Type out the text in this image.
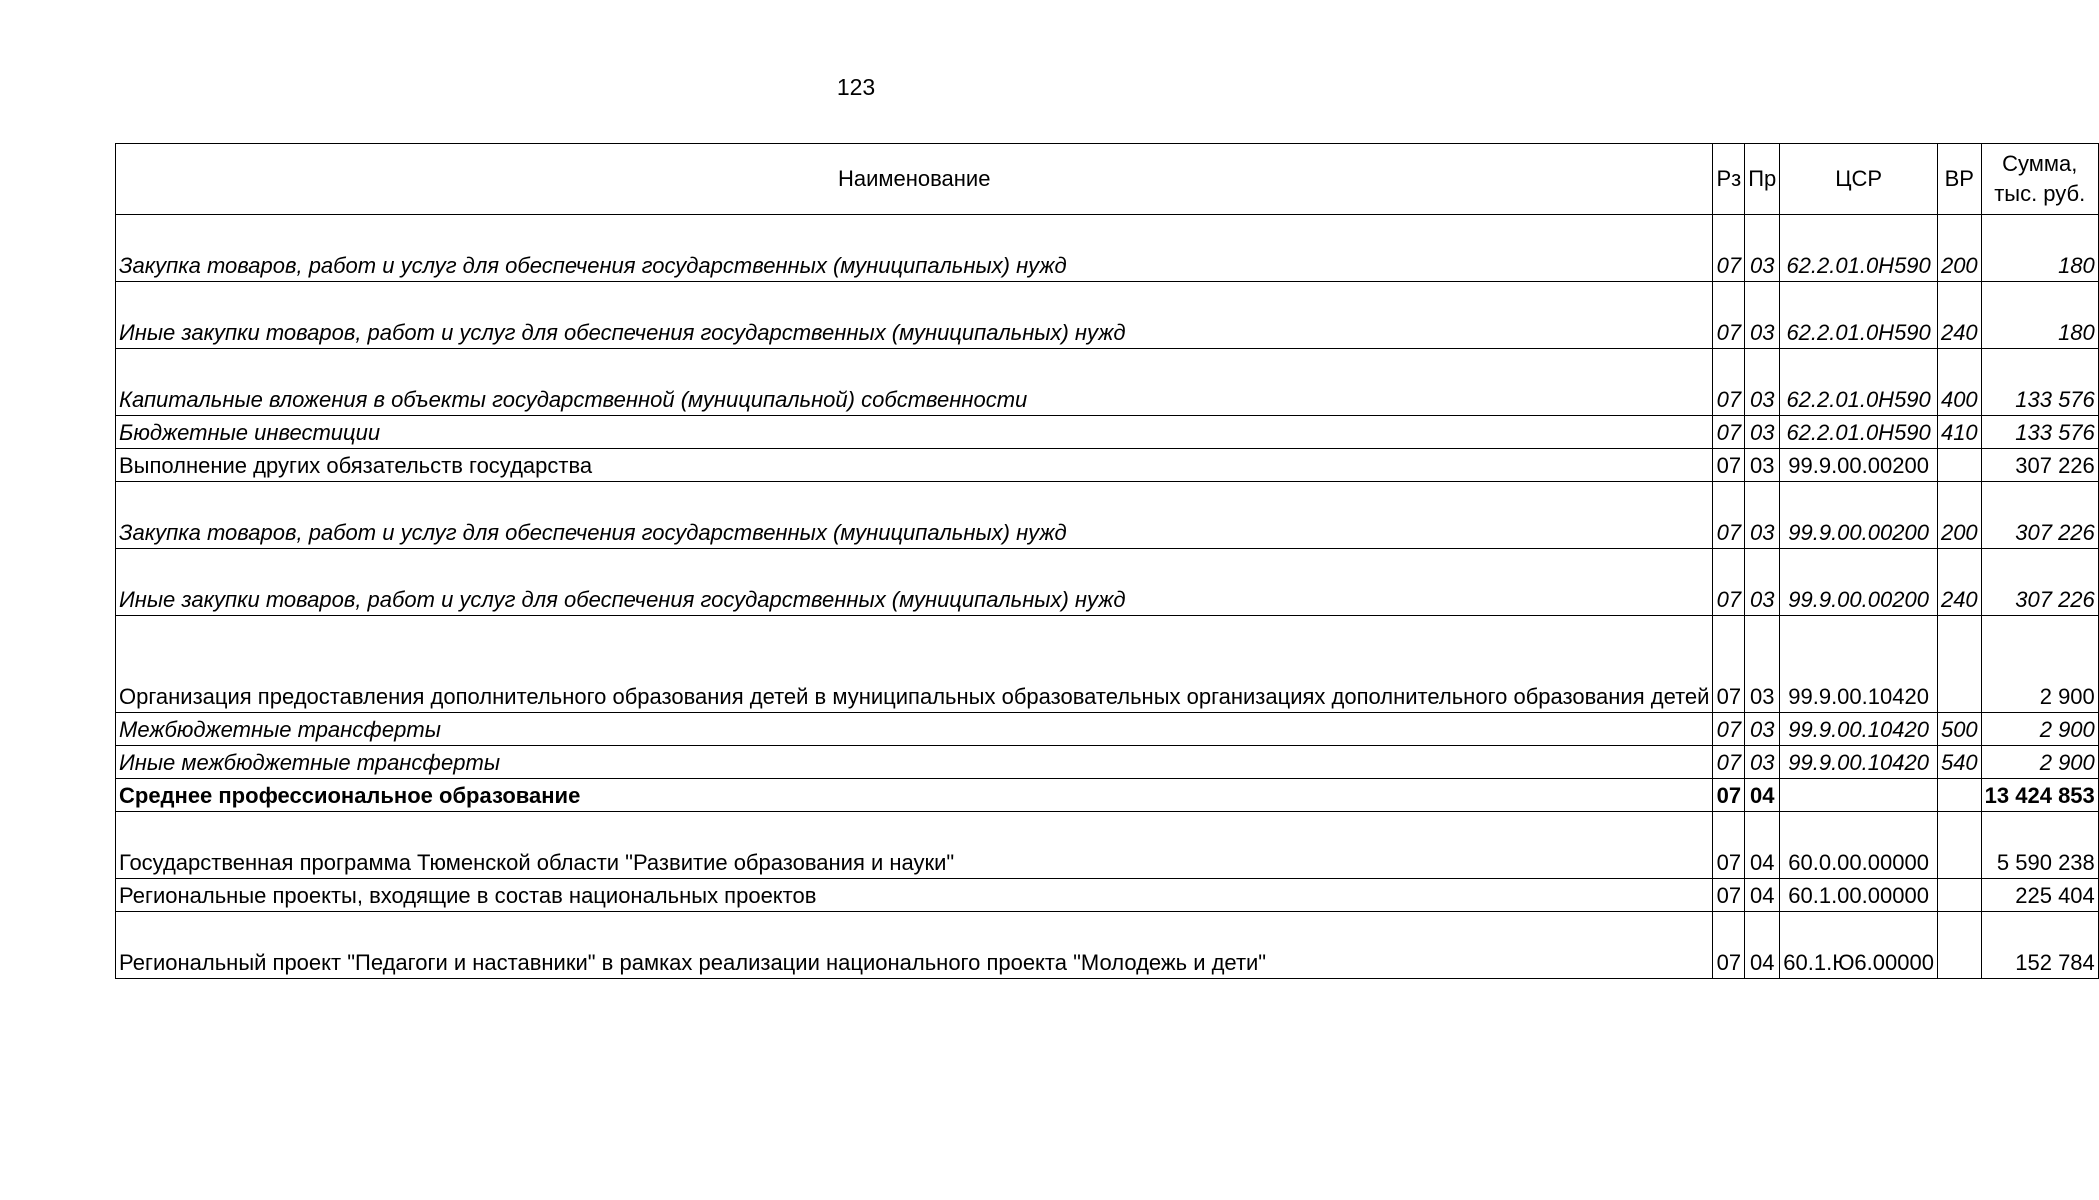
123
Наименование	Рз	Пр	ЦСР	ВР	Сумма, тыс. руб.
Закупка товаров, работ и услуг для обеспечения государственных (муниципальных) нужд	07	03	62.2.01.0Н590	200	180
Иные закупки товаров, работ и услуг для обеспечения государственных (муниципальных) нужд	07	03	62.2.01.0Н590	240	180
Капитальные вложения в объекты государственной (муниципальной) собственности	07	03	62.2.01.0Н590	400	133 576
Бюджетные инвестиции	07	03	62.2.01.0Н590	410	133 576
Выполнение других обязательств государства	07	03	99.9.00.00200		307 226
Закупка товаров, работ и услуг для обеспечения государственных (муниципальных) нужд	07	03	99.9.00.00200	200	307 226
Иные закупки товаров, работ и услуг для обеспечения государственных (муниципальных) нужд	07	03	99.9.00.00200	240	307 226
Организация предоставления дополнительного образования детей в муниципальных образовательных организациях дополнительного образования детей	07	03	99.9.00.10420		2 900
Межбюджетные трансферты	07	03	99.9.00.10420	500	2 900
Иные межбюджетные трансферты	07	03	99.9.00.10420	540	2 900
Среднее профессиональное образование	07	04			13 424 853
Государственная программа Тюменской области "Развитие образования и науки"	07	04	60.0.00.00000		5 590 238
Региональные проекты, входящие в состав национальных проектов	07	04	60.1.00.00000		225 404
Региональный проект "Педагоги и наставники" в рамках реализации национального проекта "Молодежь и дети"	07	04	60.1.Ю6.00000		152 784
